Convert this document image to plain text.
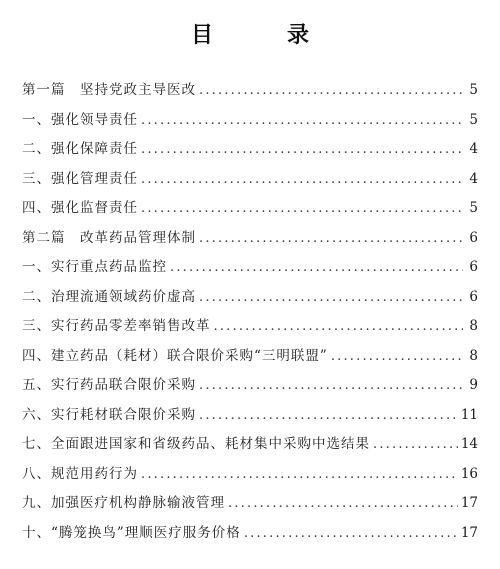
目　录
第一篇　坚持党政主导医改 .....	5
一、强化领导责任 .....	5
二、强化保障责任 .....	4
三、强化管理责任 .....	4
四、强化监督责任 .....	5
第二篇　改革药品管理体制 .....	6
一、实行重点药品监控 .....	6
二、治理流通领域药价虚高 .....	6
三、实行药品零差率销售改革 .....	8
四、建立药品（耗材）联合限价采购“三明联盟” .....	8
五、实行药品联合限价采购 .....	9
六、实行耗材联合限价采购 .....	11
七、全面跟进国家和省级药品、耗材集中采购中选结果 .....	14
八、规范用药行为 .....	16
九、加强医疗机构静脉输液管理 .....	17
十、“腾笼换鸟”理顺医疗服务价格 .....	17
